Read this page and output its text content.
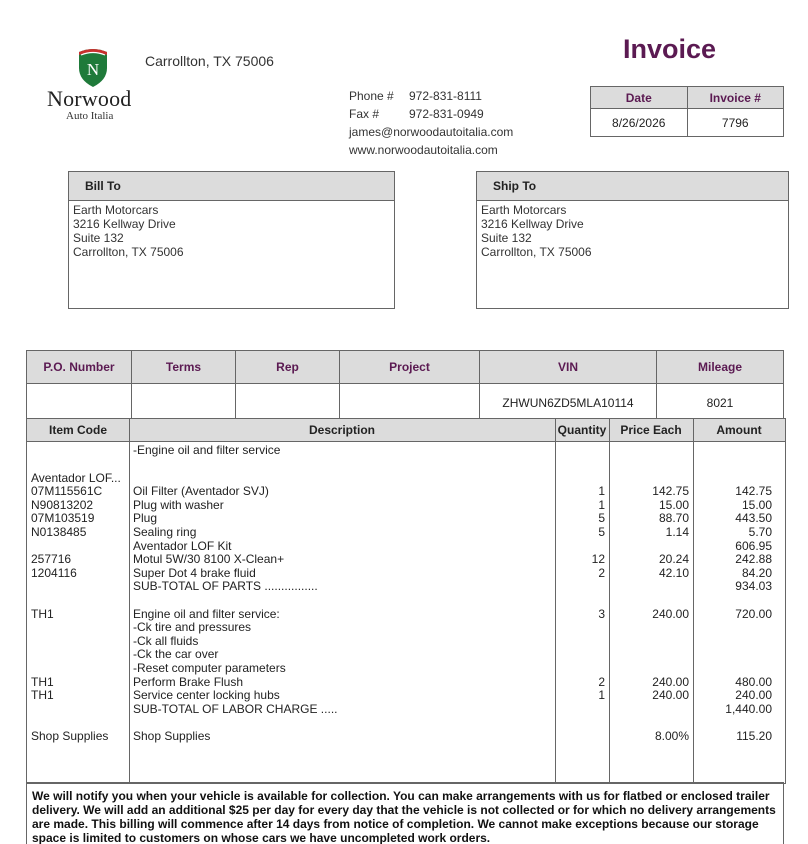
N
Norwood
Auto Italia
Carrollton, TX 75006
Phone # 972-831-8111
Fax # 972-831-0949
james@norwoodautoitalia.com
www.norwoodautoitalia.com
Invoice
Date	Invoice #
8/26/2026	7796
Bill To
Earth Motorcars
3216 Kellway Drive
Suite 132
Carrollton, TX 75006
Ship To
Earth Motorcars
3216 Kellway Drive
Suite 132
Carrollton, TX 75006
P.O. Number	Terms	Rep	Project	VIN	Mileage
				ZHWUN6ZD5MLA10114	8021
Item Code	Description	Quantity	Price Each	Amount
-Engine oil and filter service
Aventador LOF...
07M115561C	Oil Filter (Aventador SVJ)	1	142.75	142.75
N90813202	Plug with washer	1	15.00	15.00
07M103519	Plug	5	88.70	443.50
N0138485	Sealing ring	5	1.14	5.70
Aventador LOF Kit	606.95
257716	Motul 5W/30 8100 X-Clean+	12	20.24	242.88
1204116	Super Dot 4 brake fluid	2	42.10	84.20
SUB-TOTAL OF PARTS ................	934.03
TH1	Engine oil and filter service:	3	240.00	720.00
-Ck tire and pressures
-Ck all fluids
-Ck the car over
-Reset computer parameters
TH1	Perform Brake Flush	2	240.00	480.00
TH1	Service center locking hubs	1	240.00	240.00
SUB-TOTAL OF LABOR CHARGE .....	1,440.00
Shop Supplies	Shop Supplies	8.00%	115.20
We will notify you when your vehicle is available for collection. You can make arrangements with us for flatbed or enclosed trailer delivery. We will add an additional $25 per day for every day that the vehicle is not collected or for which no delivery arrangements are made. This billing will commence after 14 days from notice of completion. We cannot make exceptions because our storage space is limited to customers on whose cars we have uncompleted work orders.
